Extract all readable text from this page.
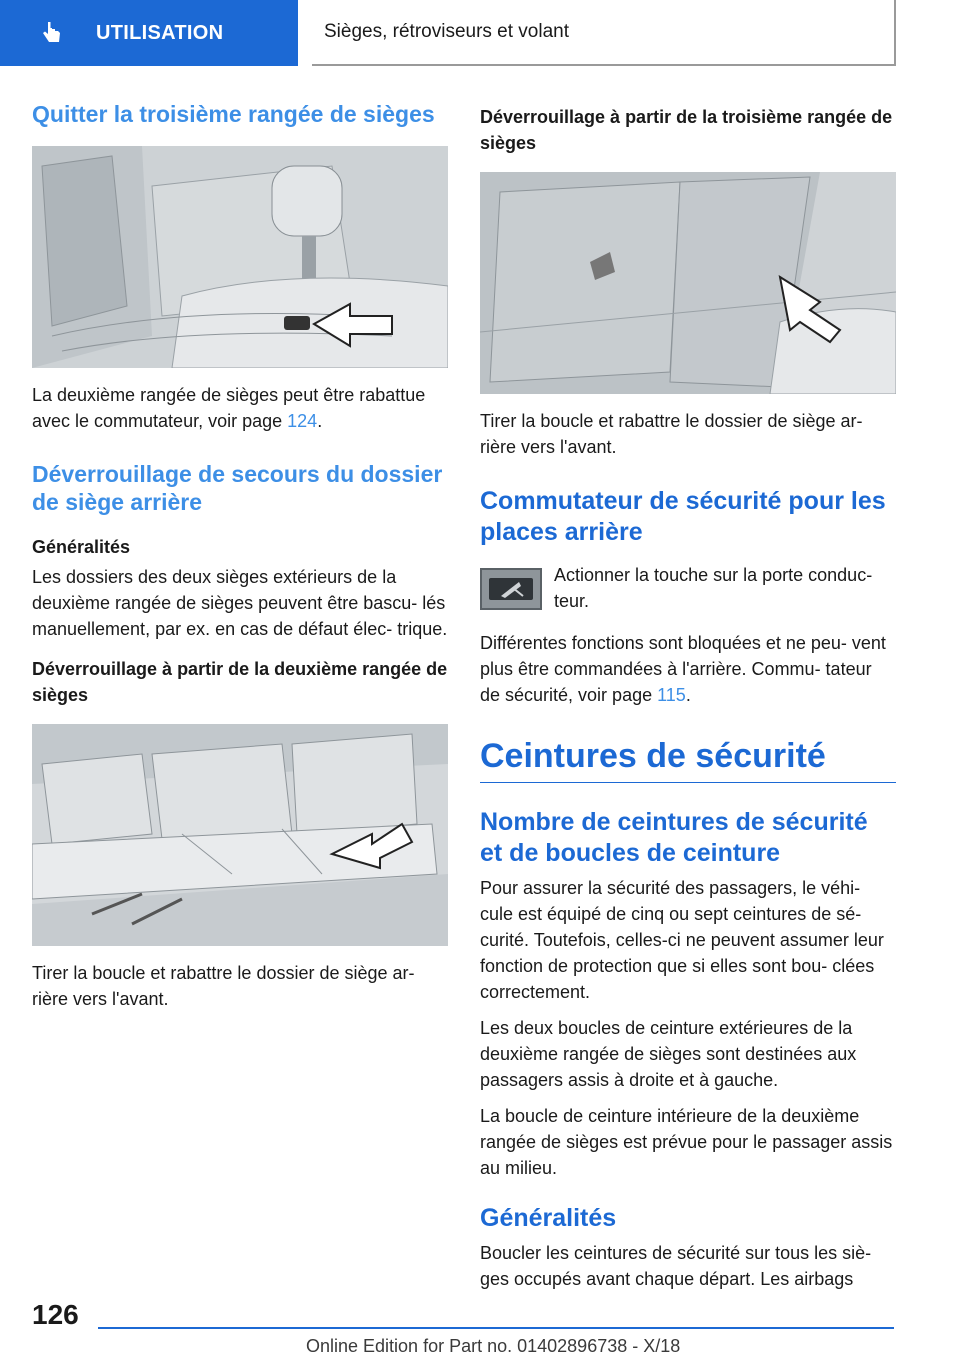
UTILISATION	Sièges, rétroviseurs et volant
Quitter la troisième rangée de sièges

La deuxième rangée de sièges peut être rabattue avec le commutateur, voir page 124.

Déverrouillage de secours du dossier de siège arrière
Généralités

Les dossiers des deux sièges extérieurs de la deuxième rangée de sièges peuvent être bascu- lés manuellement, par ex. en cas de défaut élec- trique.

Déverrouillage à partir de la deuxième rangée de sièges

Tirer la boucle et rabattre le dossier de siège ar- rière vers l'avant.

Déverrouillage à partir de la troisième rangée de sièges

Tirer la boucle et rabattre le dossier de siège ar- rière vers l'avant.

Commutateur de sécurité pour les places arrière

Actionner la touche sur la porte conduc- teur.

Différentes fonctions sont bloquées et ne peu- vent plus être commandées à l'arrière. Commu- tateur de sécurité, voir page 115.

Ceintures de sécurité
Nombre de ceintures de sécurité et de boucles de ceinture

Pour assurer la sécurité des passagers, le véhi- cule est équipé de cinq ou sept ceintures de sé- curité. Toutefois, celles-ci ne peuvent assumer leur fonction de protection que si elles sont bou- clées correctement.

Les deux boucles de ceinture extérieures de la deuxième rangée de sièges sont destinées aux passagers assis à droite et à gauche.

La boucle de ceinture intérieure de la deuxième rangée de sièges est prévue pour le passager assis au milieu.

Généralités

Boucler les ceintures de sécurité sur tous les siè- ges occupés avant chaque départ. Les airbags

126
Online Edition for Part no. 01402896738 - X/18
